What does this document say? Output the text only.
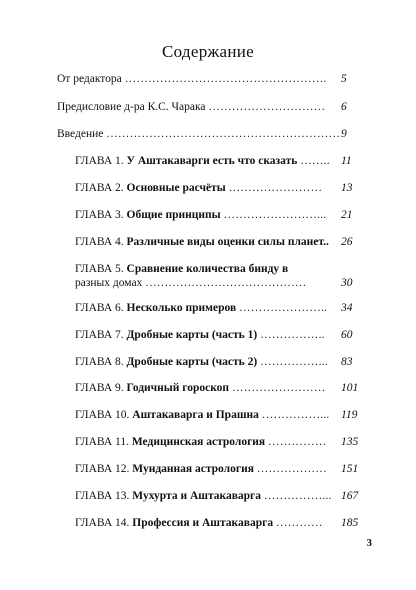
Содержание
От редактора ……………………………………………. 5
Предисловие д-ра К.С. Чарака ………………………… 6
Введение …………………………………………………… 9
ГЛАВА 1. У Аштакаварги есть что сказать …….. 11
ГЛАВА 2. Основные расчёты …………………… 13
ГЛАВА 3. Общие принципы ……………………... 21
ГЛАВА 4. Различные виды оценки силы планет.. 26
ГЛАВА 5. Сравнение количества бинду в
разных домах ……………………………………	30
ГЛАВА 6. Несколько примеров ………………….. 34
ГЛАВА 7. Дробные карты (часть 1) …………….. 60
ГЛАВА 8. Дробные карты (часть 2) ……………... 83
ГЛАВА 9. Годичный гороскоп …………………… 101
ГЛАВА 10. Аштакаварга и Прашна ……………... 119
ГЛАВА 11. Медицинская астрология …………… 135
ГЛАВА 12. Мунданная астрология ……………… 151
ГЛАВА 13. Мухурта и Аштакаварга ……………... 167
ГЛАВА 14. Профессия и Аштакаварга ………… 185
3
